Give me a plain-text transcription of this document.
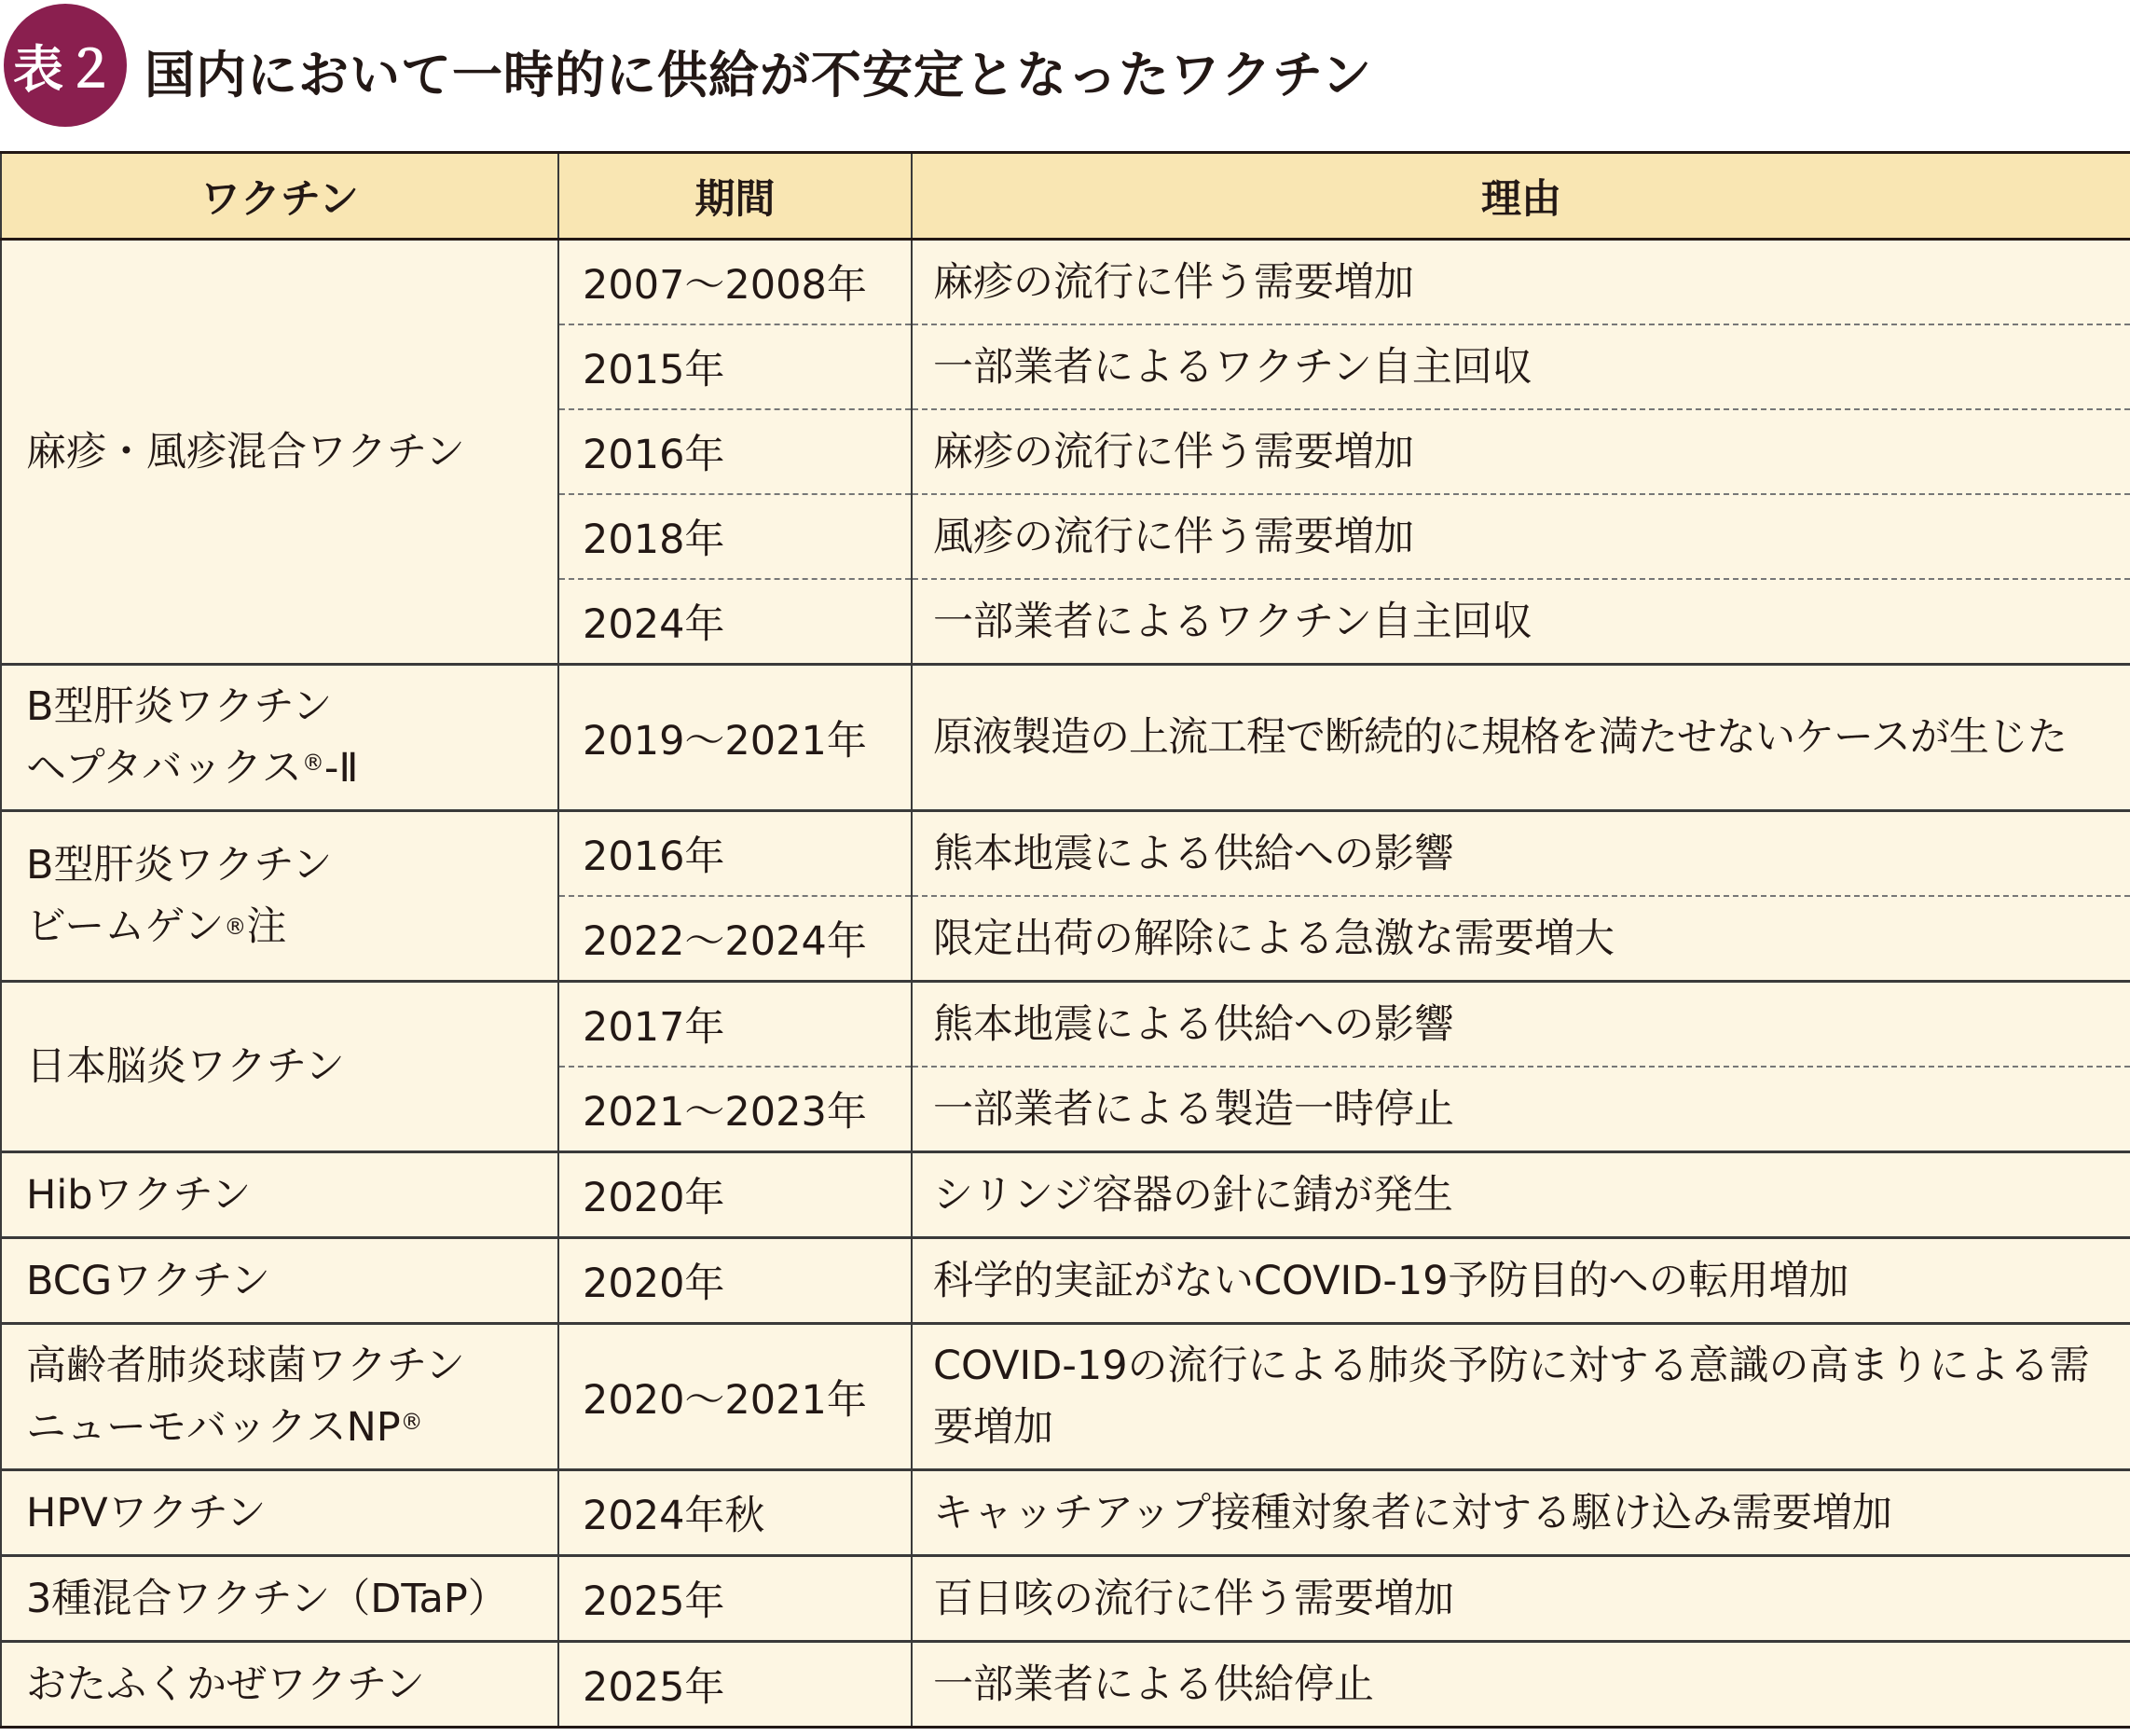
表２ 国内において一時的に供給が不安定となったワクチン
ワクチン	期間	理由
麻疹・風疹混合ワクチン	2007～2008年	麻疹の流行に伴う需要増加
	2015年	一部業者によるワクチン自主回収
	2016年	麻疹の流行に伴う需要増加
	2018年	風疹の流行に伴う需要増加
	2024年	一部業者によるワクチン自主回収
B型肝炎ワクチン
ヘプタバックス®-Ⅱ	2019～2021年	原液製造の上流工程で断続的に規格を満たせないケースが生じた
B型肝炎ワクチン
ビームゲン®注	2016年	熊本地震による供給への影響
	2022～2024年	限定出荷の解除による急激な需要増大
日本脳炎ワクチン	2017年	熊本地震による供給への影響
	2021～2023年	一部業者による製造一時停止
Hibワクチン	2020年	シリンジ容器の針に錆が発生
BCGワクチン	2020年	科学的実証がないCOVID-19予防目的への転用増加
高齢者肺炎球菌ワクチン
ニューモバックスNP®	2020～2021年	COVID-19の流行による肺炎予防に対する意識の高まりによる需要増加
HPVワクチン	2024年秋	キャッチアップ接種対象者に対する駆け込み需要増加
3種混合ワクチン（DTaP）	2025年	百日咳の流行に伴う需要増加
おたふくかぜワクチン	2025年	一部業者による供給停止
